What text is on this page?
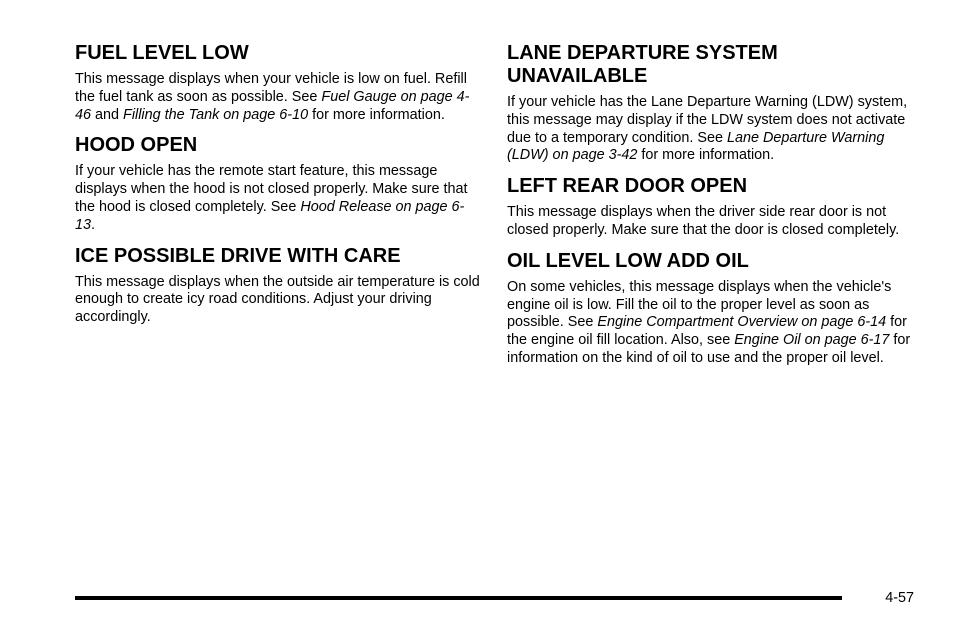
FUEL LEVEL LOW

This message displays when your vehicle is low on fuel. Refill the fuel tank as soon as possible. See Fuel Gauge on page 4-46 and Filling the Tank on page 6-10 for more information.

HOOD OPEN

If your vehicle has the remote start feature, this message displays when the hood is not closed properly. Make sure that the hood is closed completely. See Hood Release on page 6-13.

ICE POSSIBLE DRIVE WITH CARE

This message displays when the outside air temperature is cold enough to create icy road conditions. Adjust your driving accordingly.

LANE DEPARTURE SYSTEM UNAVAILABLE

If your vehicle has the Lane Departure Warning (LDW) system, this message may display if the LDW system does not activate due to a temporary condition. See Lane Departure Warning (LDW) on page 3-42 for more information.

LEFT REAR DOOR OPEN

This message displays when the driver side rear door is not closed properly. Make sure that the door is closed completely.

OIL LEVEL LOW ADD OIL

On some vehicles, this message displays when the vehicle's engine oil is low. Fill the oil to the proper level as soon as possible. See Engine Compartment Overview on page 6-14 for the engine oil fill location. Also, see Engine Oil on page 6-17 for information on the kind of oil to use and the proper oil level.

4-57
